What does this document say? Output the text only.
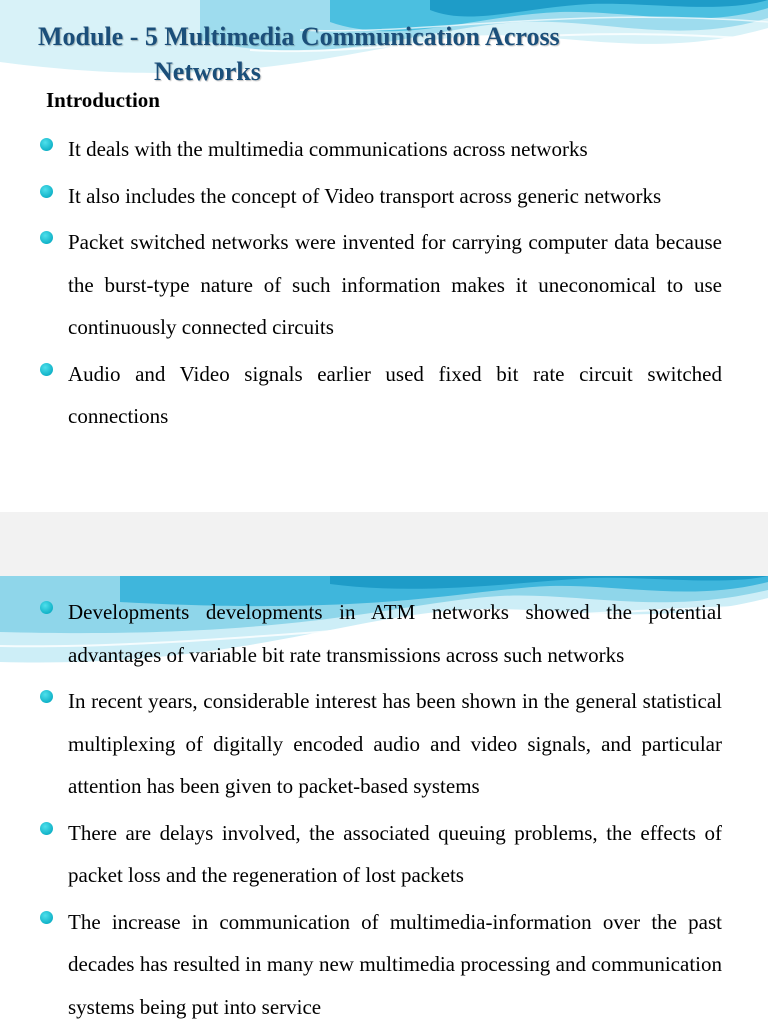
Module - 5 Multimedia Communication Across
Networks
Introduction
It deals with the multimedia communications across networks
It also includes the concept of Video transport across generic networks
Packet switched networks were invented for carrying computer data because the burst-type nature of such information makes it uneconomical to use continuously connected circuits
Audio and Video signals earlier used fixed bit rate circuit switched connections
Developments developments in ATM networks showed the potential advantages of variable bit rate transmissions across such networks
In recent years, considerable interest has been shown in the general statistical multiplexing of digitally encoded audio and video signals, and particular attention has been given to packet-based systems
There are delays involved, the associated queuing problems, the effects of packet loss and the regeneration of lost packets
The increase in communication of multimedia-information over the past decades has resulted in many new multimedia processing and communication systems being put into service
